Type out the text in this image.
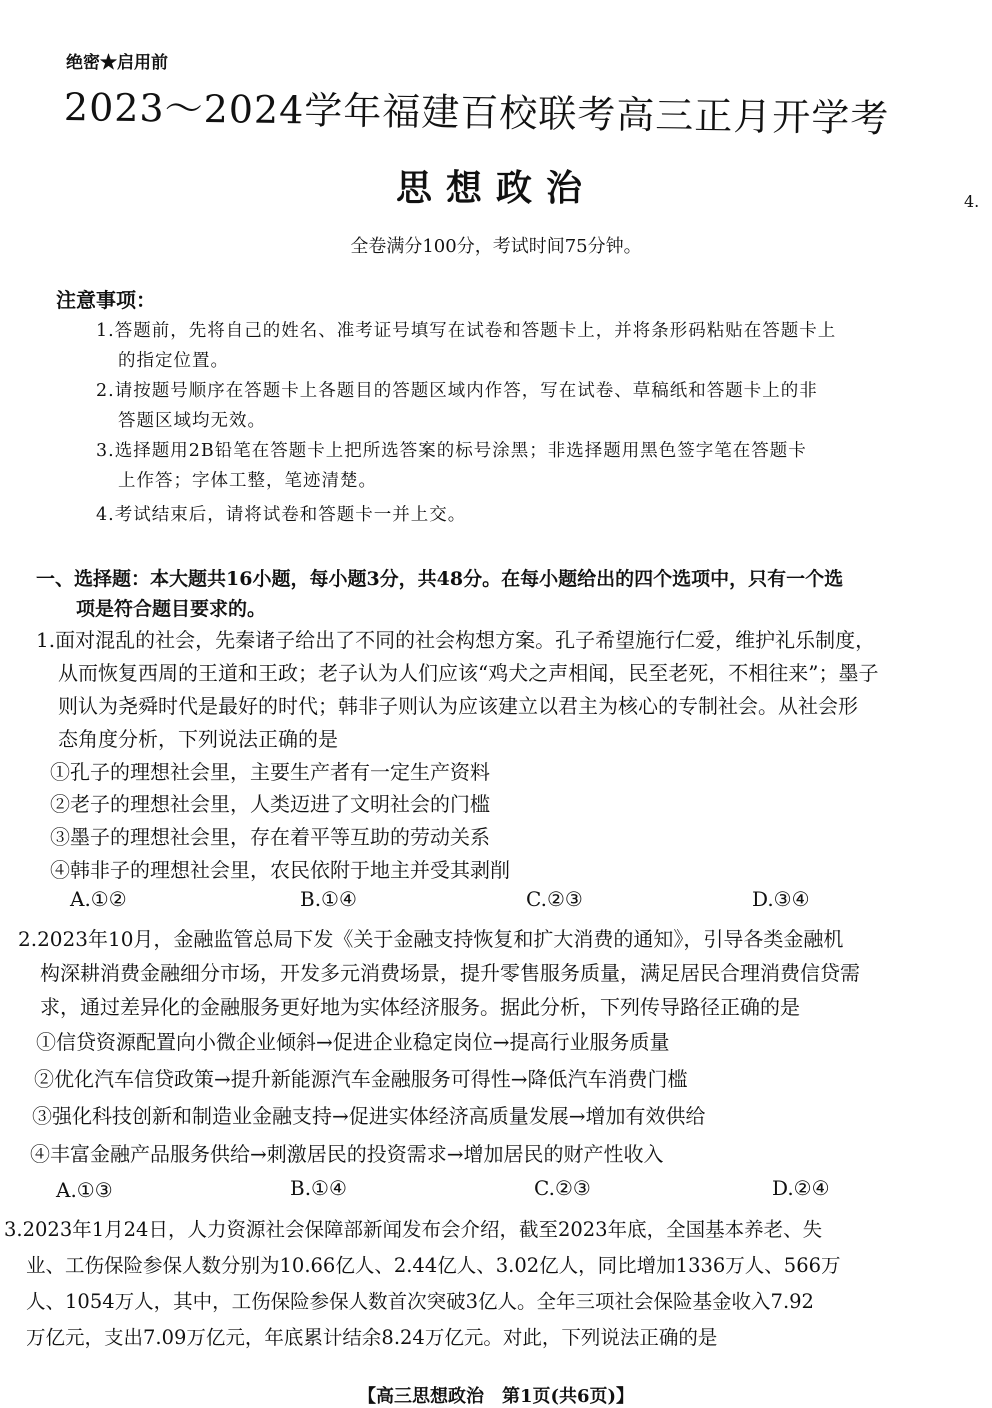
绝密★启用前
2023～2024学年福建百校联考高三正月开学考
思想政治	4.
全卷满分100分，考试时间75分钟。
注意事项：
1.答题前，先将自己的姓名、准考证号填写在试卷和答题卡上，并将条形码粘贴在答题卡上
的指定位置。
2.请按题号顺序在答题卡上各题目的答题区域内作答，写在试卷、草稿纸和答题卡上的非
答题区域均无效。
3.选择题用2B铅笔在答题卡上把所选答案的标号涂黑；非选择题用黑色签字笔在答题卡
上作答；字体工整，笔迹清楚。
4.考试结束后，请将试卷和答题卡一并上交。
一、选择题：本大题共16小题，每小题3分，共48分。在每小题给出的四个选项中，只有一个选
项是符合题目要求的。
1.面对混乱的社会，先秦诸子给出了不同的社会构想方案。孔子希望施行仁爱，维护礼乐制度，
从而恢复西周的王道和王政；老子认为人们应该“鸡犬之声相闻，民至老死，不相往来”；墨子
则认为尧舜时代是最好的时代；韩非子则认为应该建立以君主为核心的专制社会。从社会形
态角度分析，下列说法正确的是
①孔子的理想社会里，主要生产者有一定生产资料
②老子的理想社会里，人类迈进了文明社会的门槛
③墨子的理想社会里，存在着平等互助的劳动关系
④韩非子的理想社会里，农民依附于地主并受其剥削
A.①②	B.①④	C.②③	D.③④
2.2023年10月，金融监管总局下发《关于金融支持恢复和扩大消费的通知》，引导各类金融机
构深耕消费金融细分市场，开发多元消费场景，提升零售服务质量，满足居民合理消费信贷需
求，通过差异化的金融服务更好地为实体经济服务。据此分析，下列传导路径正确的是
①信贷资源配置向小微企业倾斜→促进企业稳定岗位→提高行业服务质量
②优化汽车信贷政策→提升新能源汽车金融服务可得性→降低汽车消费门槛
③强化科技创新和制造业金融支持→促进实体经济高质量发展→增加有效供给
④丰富金融产品服务供给→刺激居民的投资需求→增加居民的财产性收入
A.①③	B.①④	C.②③	D.②④
3.2023年1月24日，人力资源社会保障部新闻发布会介绍，截至2023年底，全国基本养老、失
业、工伤保险参保人数分别为10.66亿人、2.44亿人、3.02亿人，同比增加1336万人、566万
人、1054万人，其中，工伤保险参保人数首次突破3亿人。全年三项社会保险基金收入7.92
万亿元，支出7.09万亿元，年底累计结余8.24万亿元。对此，下列说法正确的是
【高三思想政治　第1页(共6页)】
